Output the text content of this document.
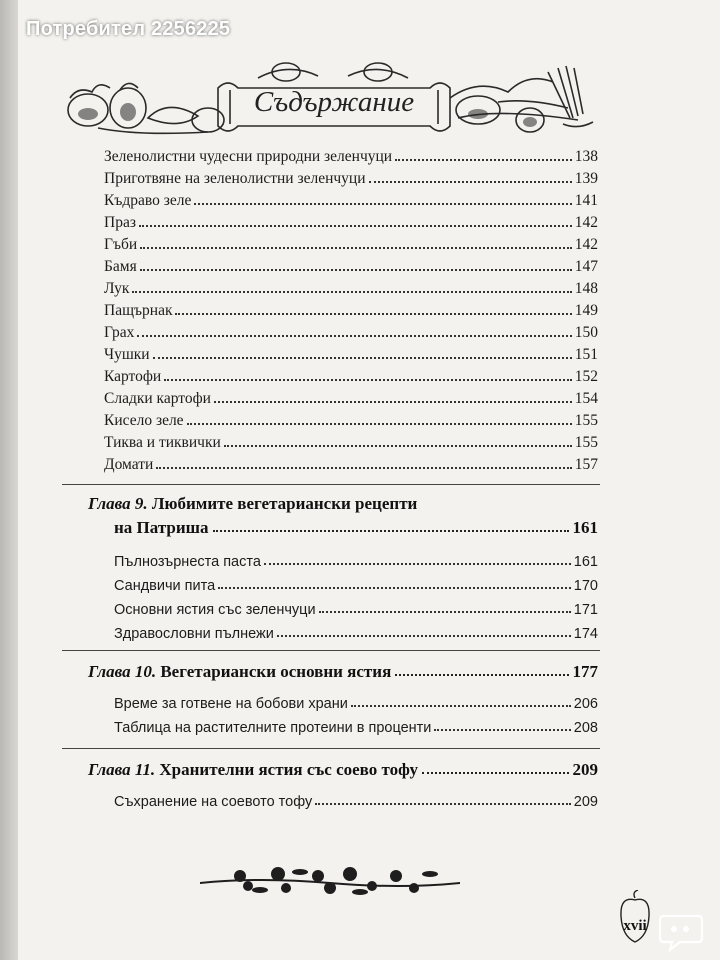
Потребител 2256225
Съдържание
Зеленолистни чудесни природни зеленчуци	138
Приготвяне на зеленолистни зеленчуци	139
Къдраво зеле	141
Праз	142
Гъби	142
Бамя	147
Лук	148
Пащърнак	149
Грах	150
Чушки	151
Картофи	152
Сладки картофи	154
Кисело зеле	155
Тиква и тиквички	155
Домати	157
Глава 9. Любимите вегетариански рецепти
на Патриша	161
Пълнозърнеста паста	161
Сандвичи пита	170
Основни ястия със зеленчуци	171
Здравословни пълнежи	174
Глава 10.
Вегетариански основни ястия	177
Време за готвене на бобови храни	206
Таблица на растителните протеини в проценти	208
Глава 11.
Хранителни ястия със соево тофу	209
Съхранение на соевото тофу	209
xvii
